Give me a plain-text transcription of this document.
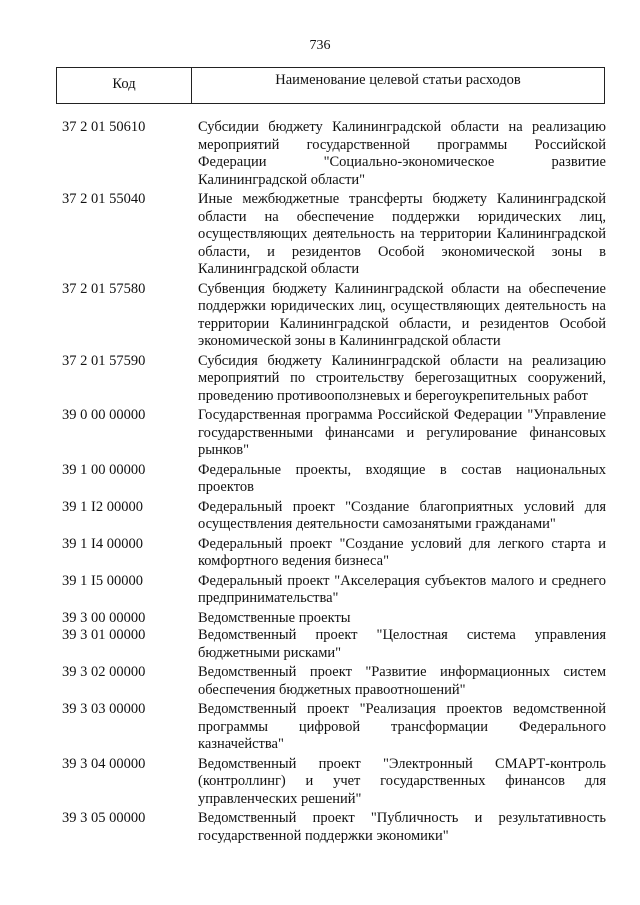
736
Код	Наименование целевой статьи расходов
37 2 01 50610	Субсидии бюджету Калининградской области на реализацию мероприятий государственной программы Российской Федерации "Социально-экономическое развитие Калининградской области"
37 2 01 55040	Иные межбюджетные трансферты бюджету Калининградской области на обеспечение поддержки юридических лиц, осуществляющих деятельность на территории Калининградской области, и резидентов Особой экономической зоны в Калининградской области
37 2 01 57580	Субвенция бюджету Калининградской области на обеспечение поддержки юридических лиц, осуществляющих деятельность на территории Калининградской области, и резидентов Особой экономической зоны в Калининградской области
37 2 01 57590	Субсидия бюджету Калининградской области на реализацию мероприятий по строительству берегозащитных сооружений, проведению противооползневых и берегоукрепительных работ
39 0 00 00000	Государственная программа Российской Федерации "Управление государственными финансами и регулирование финансовых рынков"
39 1 00 00000	Федеральные проекты, входящие в состав национальных проектов
39 1 I2 00000	Федеральный проект "Создание благоприятных условий для осуществления деятельности самозанятыми гражданами"
39 1 I4 00000	Федеральный проект "Создание условий для легкого старта и комфортного ведения бизнеса"
39 1 I5 00000	Федеральный проект "Акселерация субъектов малого и среднего предпринимательства"
39 3 00 00000	Ведомственные проекты
39 3 01 00000	Ведомственный проект "Целостная система управления бюджетными рисками"
39 3 02 00000	Ведомственный проект "Развитие информационных систем обеспечения бюджетных правоотношений"
39 3 03 00000	Ведомственный проект "Реализация проектов ведомственной программы цифровой трансформации Федерального казначейства"
39 3 04 00000	Ведомственный проект "Электронный СМАРТ-контроль (контроллинг) и учет государственных финансов для управленческих решений"
39 3 05 00000	Ведомственный проект "Публичность и результативность государственной поддержки экономики"
